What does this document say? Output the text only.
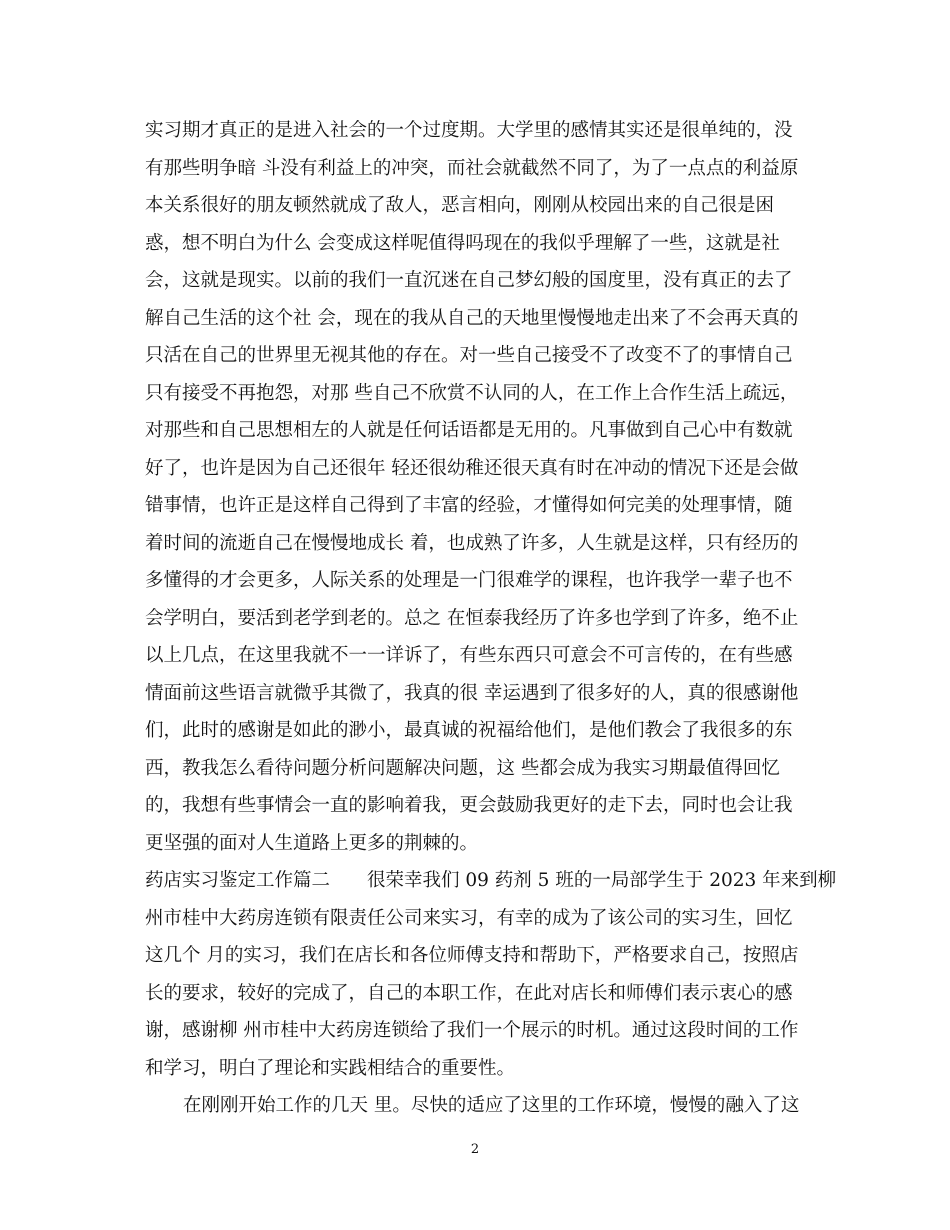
实习期才真正的是进入社会的一个过度期。大学里的感情其实还是很单纯的，没
有那些明争暗 斗没有利益上的冲突，而社会就截然不同了，为了一点点的利益原
本关系很好的朋友顿然就成了敌人，恶言相向，刚刚从校园出来的自己很是困
惑，想不明白为什么 会变成这样呢值得吗现在的我似乎理解了一些，这就是社
会，这就是现实。以前的我们一直沉迷在自己梦幻般的国度里，没有真正的去了
解自己生活的这个社 会，现在的我从自己的天地里慢慢地走出来了不会再天真的
只活在自己的世界里无视其他的存在。对一些自己接受不了改变不了的事情自己
只有接受不再抱怨，对那 些自己不欣赏不认同的人，在工作上合作生活上疏远，
对那些和自己思想相左的人就是任何话语都是无用的。凡事做到自己心中有数就
好了，也许是因为自己还很年 轻还很幼稚还很天真有时在冲动的情况下还是会做
错事情，也许正是这样自己得到了丰富的经验，才懂得如何完美的处理事情，随
着时间的流逝自己在慢慢地成长 着，也成熟了许多，人生就是这样，只有经历的
多懂得的才会更多，人际关系的处理是一门很难学的课程，也许我学一辈子也不
会学明白，要活到老学到老的。总之 在恒泰我经历了许多也学到了许多，绝不止
以上几点，在这里我就不一一详诉了，有些东西只可意会不可言传的，在有些感
情面前这些语言就微乎其微了，我真的很 幸运遇到了很多好的人，真的很感谢他
们，此时的感谢是如此的渺小，最真诚的祝福给他们，是他们教会了我很多的东
西，教我怎么看待问题分析问题解决问题，这 些都会成为我实习期最值得回忆
的，我想有些事情会一直的影响着我，更会鼓励我更好的走下去，同时也会让我
更坚强的面对人生道路上更多的荆棘的。
药店实习鉴定工作篇二　　很荣幸我们 09 药剂 5 班的一局部学生于 2023 年来到柳
州市桂中大药房连锁有限责任公司来实习，有幸的成为了该公司的实习生，回忆
这几个 月的实习，我们在店长和各位师傅支持和帮助下，严格要求自己，按照店
长的要求，较好的完成了，自己的本职工作，在此对店长和师傅们表示衷心的感
谢，感谢柳 州市桂中大药房连锁给了我们一个展示的时机。通过这段时间的工作
和学习，明白了理论和实践相结合的重要性。
在刚刚开始工作的几天 里。尽快的适应了这里的工作环境，慢慢的融入了这
2
